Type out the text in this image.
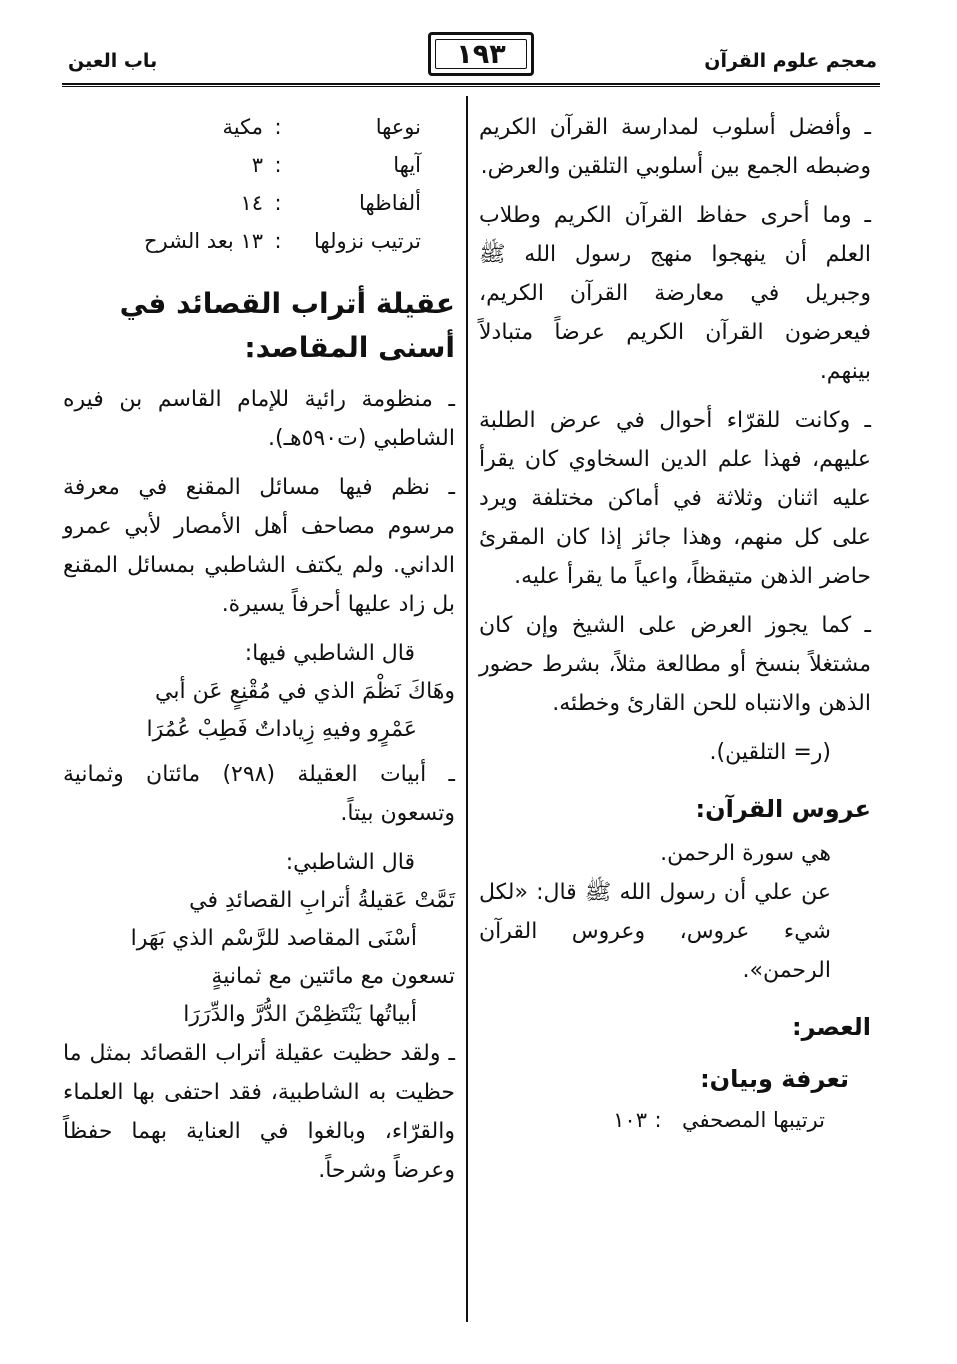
معجم علوم القرآن
١٩٣
باب العين

ـ وأفضل أسلوب لمدارسة القرآن الكريم وضبطه الجمع بين أسلوبي التلقين والعرض.

ـ وما أحرى حفاظ القرآن الكريم وطلاب العلم أن ينهجوا منهج رسول الله ﷺ وجبريل في معارضة القرآن الكريم، فيعرضون القرآن الكريم عرضاً متبادلاً بينهم.

ـ وكانت للقرّاء أحوال في عرض الطلبة عليهم، فهذا علم الدين السخاوي كان يقرأ عليه اثنان وثلاثة في أماكن مختلفة ويرد على كل منهم، وهذا جائز إذا كان المقرئ حاضر الذهن متيقظاً، واعياً ما يقرأ عليه.

ـ كما يجوز العرض على الشيخ وإن كان مشتغلاً بنسخ أو مطالعة مثلاً، بشرط حضور الذهن والانتباه للحن القارئ وخطئه.

(ر= التلقين).

عروس القرآن:

هي سورة الرحمن.

عن علي أن رسول الله ﷺ قال: «لكل شيء عروس، وعروس القرآن الرحمن».

العصر:

تعرفة وبيان:

ترتيبها المصحفي
:
١٠٣
نوعها
:
مكية
آيها
:
٣
ألفاظها
:
١٤
ترتيب نزولها
:
١٣ بعد الشرح

عقيلة أتراب القصائد في أسنى المقاصد:

ـ منظومة رائية للإمام القاسم بن فيره الشاطبي (ت٥٩٠هـ).

ـ نظم فيها مسائل المقنع في معرفة مرسوم مصاحف أهل الأمصار لأبي عمرو الداني. ولم يكتف الشاطبي بمسائل المقنع بل زاد عليها أحرفاً يسيرة.

قال الشاطبي فيها:

وهَاكَ نَظْمَ الذي في مُقْنِعٍ عَن أبي

عَمْرٍو وفيهِ زِياداتٌ فَطِبْ عُمُرَا

ـ أبيات العقيلة (٢٩٨) مائتان وثمانية وتسعون بيتاً.

قال الشاطبي:

تَمَّتْ عَقيلةُ أترابِ القصائدِ في

أسْنَى المقاصد للرَّسْم الذي بَهَرا

تسعون مع مائتين مع ثمانيةٍ

أبياتُها يَنْتَظِمْنَ الدُّرَّ والدِّرَرَا

ـ ولقد حظيت عقيلة أتراب القصائد بمثل ما حظيت به الشاطبية، فقد احتفى بها العلماء والقرّاء، وبالغوا في العناية بهما حفظاً وعرضاً وشرحاً.
